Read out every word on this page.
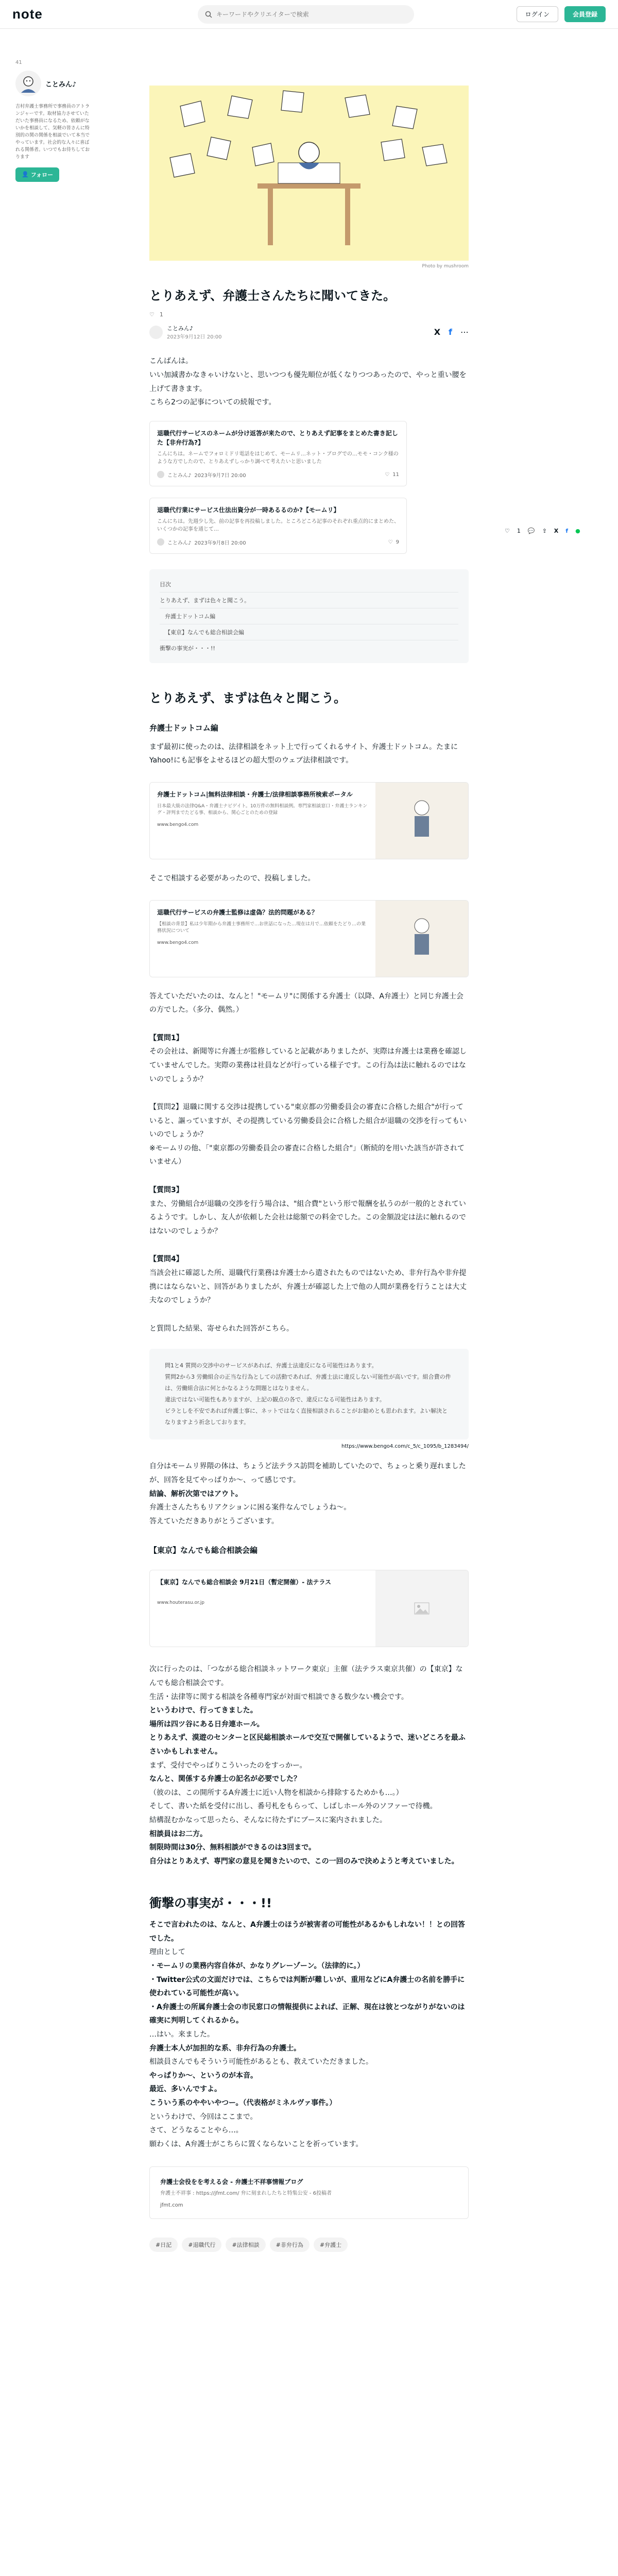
note
キーワードやクリエイターで検索	ログイン	会員登録
41
ことみん♪
吉村弁護士事務所で事務員のアトランジャーです。取材協力させていただいた事務員になるため、依頼がないかを相談して、気軽の皆さんに特別的の関の関係を相談でいて本当でやっています。社会的な人々に喜ばれる関係者。いつでもお待ちしております
👤 フォロー
♡ 1 💬 ⇪ X f ●
Photo by mushroom
とりあえず、弁護士さんたちに聞いてきた。
♡ 1
ことみん♪
2023年9月12日 20:00
X f ⋯

こんばんは。

いい加減書かなきゃいけないと、思いつつも優先順位が低くなりつつあったので、やっと重い腰を上げて書きます。

こちら2つの記事についての続報です。

退職代行サービスのネームが分け返答が来たので、とりあえず記事をまとめた書き記した【非弁行為?】
こんにちは。ネームでフォロミドリ電話をはじめて、モームリ…ネット・ブログでの…モモ・コンク様のような方でしたので、とりあえずしっかり調べて考えたいと思いました
ことみん♪ 2023年9月7日 20:00	♡ 11
退職代行業にサービス仕法出資分が一時あるるのか?【モームリ】
こんにちは。先週少し先、前の記事を再投稿しました。ところどころ記事のそれぞれ重点的にまとめた、いくつかの記事を通じて…
ことみん♪ 2023年9月8日 20:00	♡ 9
目次
とりあえず、まずは色々と聞こう。
弁護士ドットコム編
【東京】なんでも総合相談会編
衝撃の事実が・・・!!
とりあえず、まずは色々と聞こう。
弁護士ドットコム編

まず最初に使ったのは、法律相談をネット上で行ってくれるサイト、弁護士ドットコム。たまにYahoo!にも記事をよせるほどの超大型のウェブ法律相談です。

弁護士ドットコム|無料法律相談・弁護士/法律相談事務所検索ポータル
日本最大級の法律Q&A・弁護士ナビゲイト。10万件の無料相談例。専門家相談窓口・弁護士ランキング・評判までたどる事、相談から、関心ごとのための登録
www.bengo4.com

そこで相談する必要があったので、投稿しました。

退職代行サービスの弁護士監修は虚偽？法的問題がある？
【相談の背景】私は少年期から弁護士事務所で…お世話になった…現在は月で…依頼をたどり…の業務状況について
www.bengo4.com

答えていただいたのは、なんと！"モームリ"に関係する弁護士（以降、A弁護士）と同じ弁護士会の方でした。（多分、偶然。）

【質問1】

その会社は、新聞等に弁護士が監修していると記載がありましたが、実際は弁護士は業務を確認していませんでした。実際の業務は社員などが行っている様子です。この行為は法に触れるのではないのでしょうか？

【質問2】退職に関する交渉は提携している"東京都の労働委員会の審査に合格した組合"が行っていると、謳っていますが、その提携している労働委員会に合格した組合が退職の交渉を行ってもいいのでしょうか？

※モームリの他、「"東京都の労働委員会の審査に合格した組合"」（断続的を用いた該当が許されていません）

【質問3】

また、労働組合が退職の交渉を行う場合は、"組合費"という形で報酬を払うのが一般的とされているようです。しかし、友人が依頼した会社は総額での料金でした。この金額設定は法に触れるのではないのでしょうか？

【質問4】

当該会社に確認した所、退職代行業務は弁護士から遣されたものではないため、非弁行為や非弁提携にはならないと、回答がありましたが、弁護士が確認した上で他の人間が業務を行うことは大丈夫なのでしょうか？

と質問した結果、寄せられた回答がこちら。

問1と4 質問の交渉中のサービスがあれば、弁護士法違反になる可能性はあります。
質問2から3 労働組合の正当な行為としての活動であれば、弁護士法に違反しない可能性が高いです。組合費の件は、労働組合法に何とかなるような問題とはなりません。
違法ではない可能性もありますが、上記の観点の各で、違反になる可能性はあります。
ビラとしを不安であれば弁護士事に、ネットではなく直接相談されることがお勧めとも思われます。よい解決となりますよう祈念しております。
https://www.bengo4.com/c_5/c_1095/b_1283494/

自分はモームリ界隈の体は、ちょうど法テラス訪問を補助していたので、ちょっと乗り遅れましたが、回答を見てやっぱりか～、って感じです。

結論、解析次第ではアウト。

弁護士さんたちもリアクションに困る案件なんでしょうね～。

答えていただきありがとうございます。

【東京】なんでも総合相談会編
【東京】なんでも総合相談会 9月21日（暫定開催）- 法テラス
www.houterasu.or.jp

次に行ったのは、「つながる総合相談ネットワーク東京」主催（法テラス東京共催）の【東京】なんでも総合相談会です。

生活・法律等に関する相談を各種専門家が対面で相談できる数少ない機会です。

というわけで、行ってきました。

場所は四ツ谷にある日弁連ホール。

とりあえず、漠遊のセンターと区民総相談ホールで交互で開催しているようで、迷いどころを最ふさいかもしれません。

まず、受付でやっぱりこういったのをすっかー。

なんと、関係する弁護士の記名が必要でした？

（彼のは、この開所するA弁護士に近い人物を相談から排除するためかも…。）

そして、書いた紙を受付に出し、番号札をもらって、しばしホール外のソファーで待機。

結構混むかなって思ったら、そんなに待たずにブースに案内されました。

相談員はお二方。

制限時間は30分、無料相談ができるのは3回まで。

自分はとりあえず、専門家の意見を聞きたいので、この一回のみで決めようと考えていました。

衝撃の事実が・・・!!

そこで言われたのは、なんと、A弁護士のほうが被害者の可能性があるかもしれない！！との回答でした。

理由として

・モームリの業務内容自体が、かなりグレーゾーン。（法律的に。）

・Twitter公式の文面だけでは、こちらでは判断が難しいが、重用などにA弁護士の名前を勝手に使われている可能性が高い。

・A弁護士の所属弁護士会の市民窓口の情報提供によれば、正解、現在は彼とつながりがないのは確実に判明してくれるから。

…はい。来ました。

弁護士本人が加担的な系、非弁行為の弁護士。

相談員さんでもそういう可能性があるとも、教えていただきました。

やっぱりか～、というのが本音。

最近、多いんですよ。

こういう系のややいやつー。（代表格がミネルヴァ事件。）

というわけで、今回はここまで。

さて、どうなることやら…。

願わくは、A弁護士がこちらに置くならないことを祈っています。

弁護士会役をを考える会 - 弁護士不祥事情報ブログ
弁護士不祥事 : https://jfmt.com/ 弁に刻まれしたちと特集公安 - 6投稿者
jfmt.com
#日記	#退職代行	#法律相談	#非弁行為	#弁護士
